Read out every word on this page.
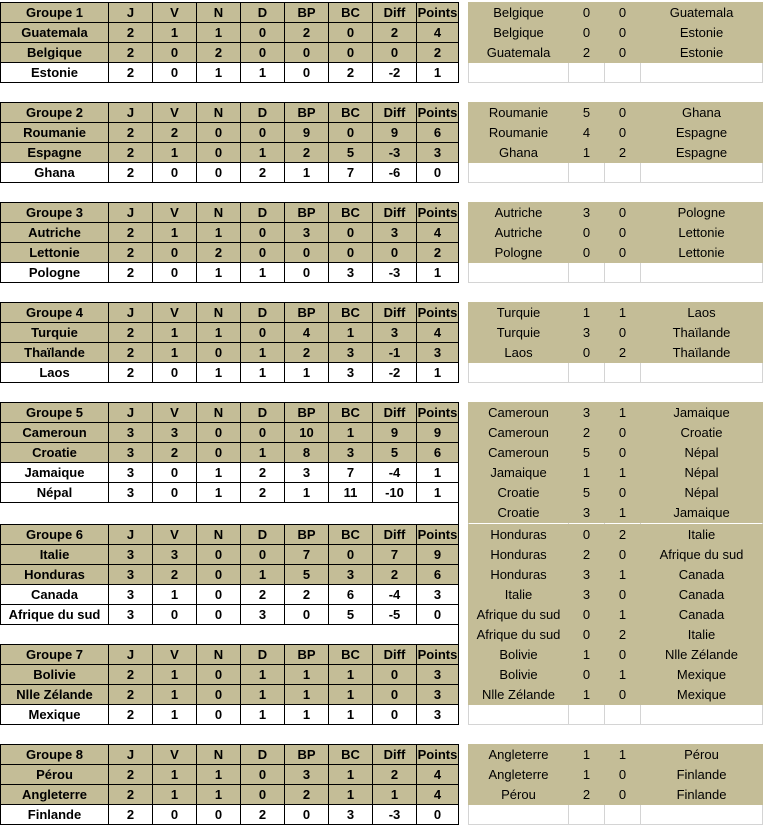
Groupe 1	J	V	N	D	BP	BC	Diff	Points		Belgique	0	0	Guatemala
Guatemala	2	1	1	0	2	0	2	4		Belgique	0	0	Estonie
Belgique	2	0	2	0	0	0	0	2		Guatemala	2	0	Estonie
Estonie	2	0	1	1	0	2	-2	1					
Groupe 2	J	V	N	D	BP	BC	Diff	Points		Roumanie	5	0	Ghana
Roumanie	2	2	0	0	9	0	9	6		Roumanie	4	0	Espagne
Espagne	2	1	0	1	2	5	-3	3		Ghana	1	2	Espagne
Ghana	2	0	0	2	1	7	-6	0					
Groupe 3	J	V	N	D	BP	BC	Diff	Points		Autriche	3	0	Pologne
Autriche	2	1	1	0	3	0	3	4		Autriche	0	0	Lettonie
Lettonie	2	0	2	0	0	0	0	2		Pologne	0	0	Lettonie
Pologne	2	0	1	1	0	3	-3	1					
Groupe 4	J	V	N	D	BP	BC	Diff	Points		Turquie	1	1	Laos
Turquie	2	1	1	0	4	1	3	4		Turquie	3	0	Thaïlande
Thaïlande	2	1	0	1	2	3	-1	3		Laos	0	2	Thaïlande
Laos	2	0	1	1	1	3	-2	1					
Groupe 5	J	V	N	D	BP	BC	Diff	Points		Cameroun	3	1	Jamaique
Cameroun	3	3	0	0	10	1	9	9		Cameroun	2	0	Croatie
Croatie	3	2	0	1	8	3	5	6		Cameroun	5	0	Népal
Jamaique	3	0	1	2	3	7	-4	1		Jamaique	1	1	Népal
Népal	3	0	1	2	1	11	-10	1		Croatie	5	0	Népal
										Croatie	3	1	Jamaique

Groupe 6	J	V	N	D	BP	BC	Diff	Points		Honduras	0	2	Italie
Italie	3	3	0	0	7	0	7	9		Honduras	2	0	Afrique du sud
Honduras	3	2	0	1	5	3	2	6		Honduras	3	1	Canada
Canada	3	1	0	2	2	6	-4	3		Italie	3	0	Canada
Afrique du sud	3	0	0	3	0	5	-5	0		Afrique du sud	0	1	Canada
										Afrique du sud	0	2	Italie

Groupe 7	J	V	N	D	BP	BC	Diff	Points		Bolivie	1	0	Nlle Zélande
Bolivie	2	1	0	1	1	1	0	3		Bolivie	0	1	Mexique
Nlle Zélande	2	1	0	1	1	1	0	3		Nlle Zélande	1	0	Mexique
Mexique	2	1	0	1	1	1	0	3					
Groupe 8	J	V	N	D	BP	BC	Diff	Points		Angleterre	1	1	Pérou
Pérou	2	1	1	0	3	1	2	4		Angleterre	1	0	Finlande
Angleterre	2	1	1	0	2	1	1	4		Pérou	2	0	Finlande
Finlande	2	0	0	2	0	3	-3	0					
